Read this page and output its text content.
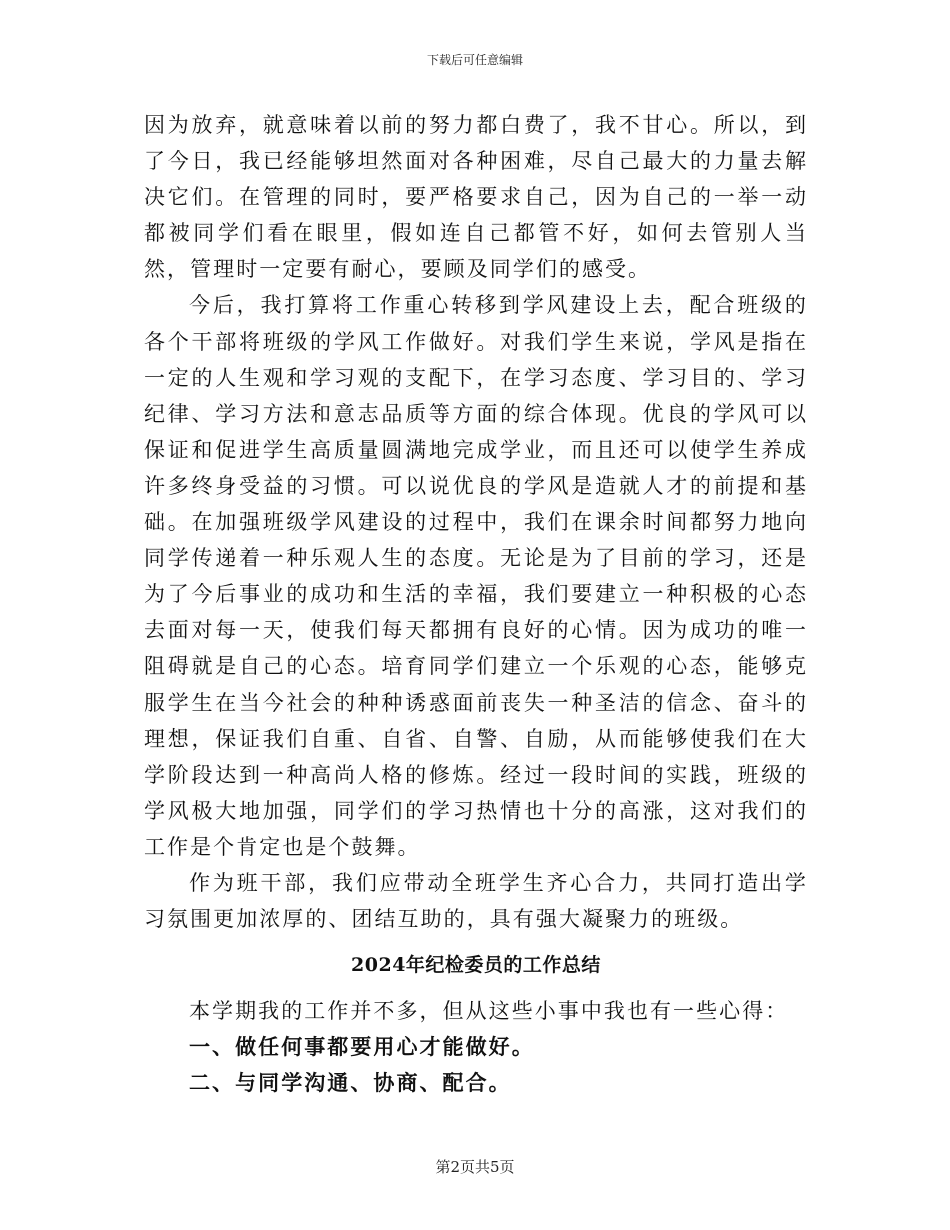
下载后可任意编辑

因为放弃，就意味着以前的努力都白费了，我不甘心。所以，到了今日，我已经能够坦然面对各种困难，尽自己最大的力量去解决它们。在管理的同时，要严格要求自己，因为自己的一举一动都被同学们看在眼里，假如连自己都管不好，如何去管别人当然，管理时一定要有耐心，要顾及同学们的感受。

今后，我打算将工作重心转移到学风建设上去，配合班级的各个干部将班级的学风工作做好。对我们学生来说，学风是指在一定的人生观和学习观的支配下，在学习态度、学习目的、学习纪律、学习方法和意志品质等方面的综合体现。优良的学风可以保证和促进学生高质量圆满地完成学业，而且还可以使学生养成许多终身受益的习惯。可以说优良的学风是造就人才的前提和基础。在加强班级学风建设的过程中，我们在课余时间都努力地向同学传递着一种乐观人生的态度。无论是为了目前的学习，还是为了今后事业的成功和生活的幸福，我们要建立一种积极的心态去面对每一天，使我们每天都拥有良好的心情。因为成功的唯一阻碍就是自己的心态。培育同学们建立一个乐观的心态，能够克服学生在当今社会的种种诱惑面前丧失一种圣洁的信念、奋斗的理想，保证我们自重、自省、自警、自励，从而能够使我们在大学阶段达到一种高尚人格的修炼。经过一段时间的实践，班级的学风极大地加强，同学们的学习热情也十分的高涨，这对我们的工作是个肯定也是个鼓舞。

作为班干部，我们应带动全班学生齐心合力，共同打造出学习氛围更加浓厚的、团结互助的，具有强大凝聚力的班级。

2024年纪检委员的工作总结

本学期我的工作并不多，但从这些小事中我也有一些心得：

一、做任何事都要用心才能做好。

二、与同学沟通、协商、配合。

第2页共5页
